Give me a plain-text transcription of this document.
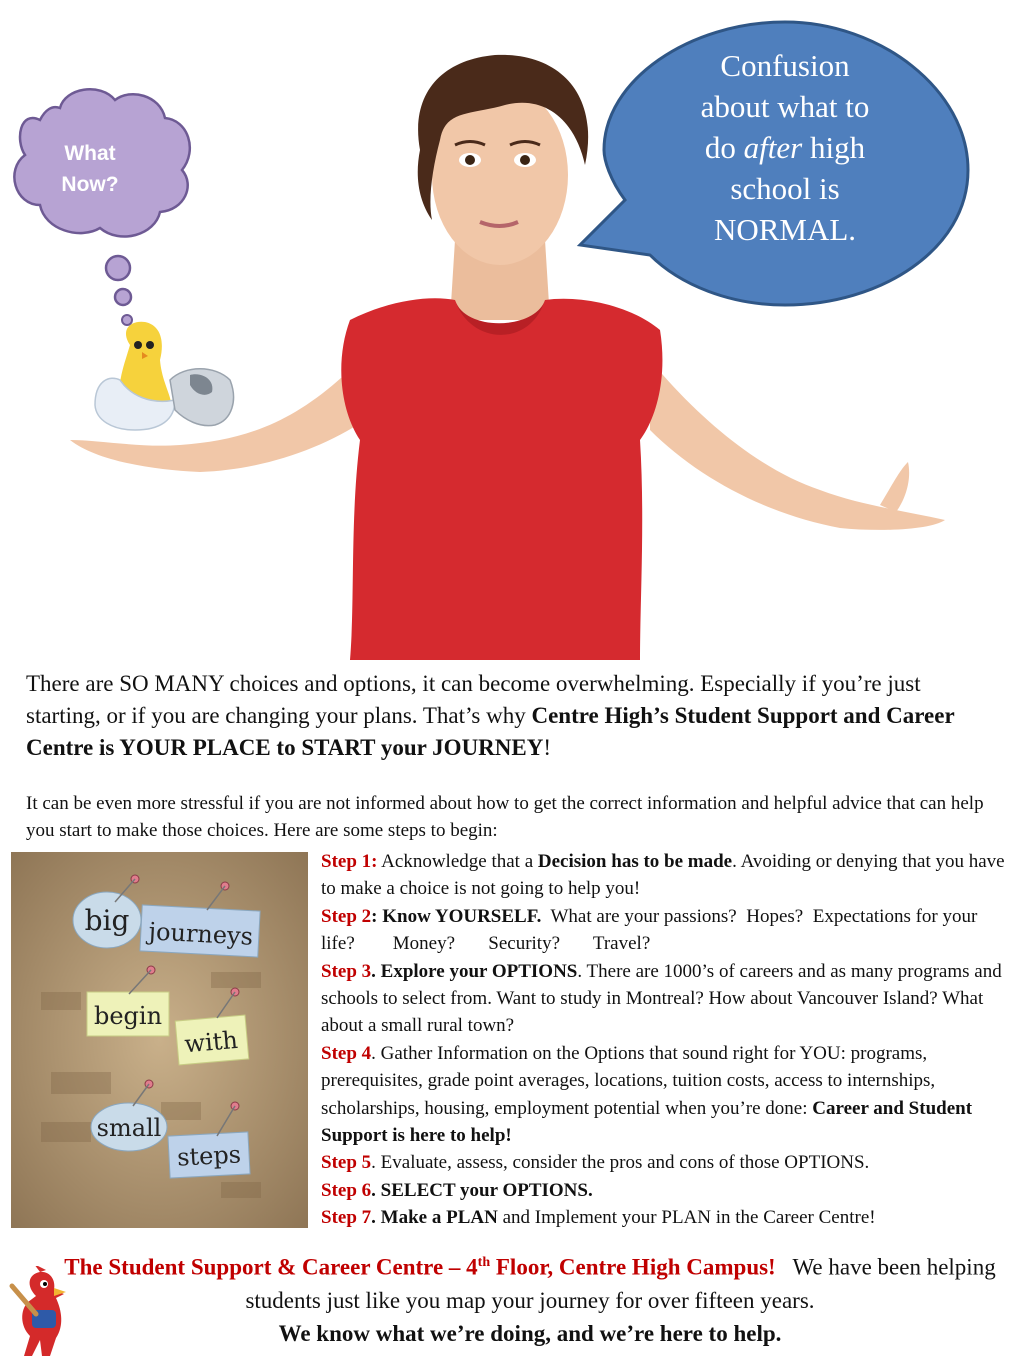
What
Now?
Confusion
about what to
do after high
school is
NORMAL.
There are SO MANY choices and options, it can become overwhelming. Especially if you’re just starting, or if you are changing your plans. That’s why Centre High’s Student Support and Career Centre is YOUR PLACE to START your JOURNEY!
It can be even more stressful if you are not informed about how to get the correct information and helpful advice that can help you start to make those choices. Here are some steps to begin:
big journeys
begin
with
small
steps

Step 1: Acknowledge that a Decision has to be made. Avoiding or denying that you have to make a choice is not going to help you!

Step 2: Know YOURSELF.  What are your passions?  Hopes?  Expectations for your life?        Money?       Security?       Travel?

Step 3. Explore your OPTIONS. There are 1000’s of careers and as many programs and schools to select from. Want to study in Montreal? How about Vancouver Island? What about a small rural town?

Step 4. Gather Information on the Options that sound right for YOU: programs, prerequisites, grade point averages, locations, tuition costs, access to internships, scholarships, housing, employment potential when you’re done: Career and Student Support is here to help!

Step 5. Evaluate, assess, consider the pros and cons of those OPTIONS.

Step 6. SELECT your OPTIONS.

Step 7. Make a PLAN and Implement your PLAN in the Career Centre!

The Student Support & Career Centre – 4th Floor, Centre High Campus!   We have been helping students just like you map your journey for over fifteen years.
We know what we’re doing, and we’re here to help.
